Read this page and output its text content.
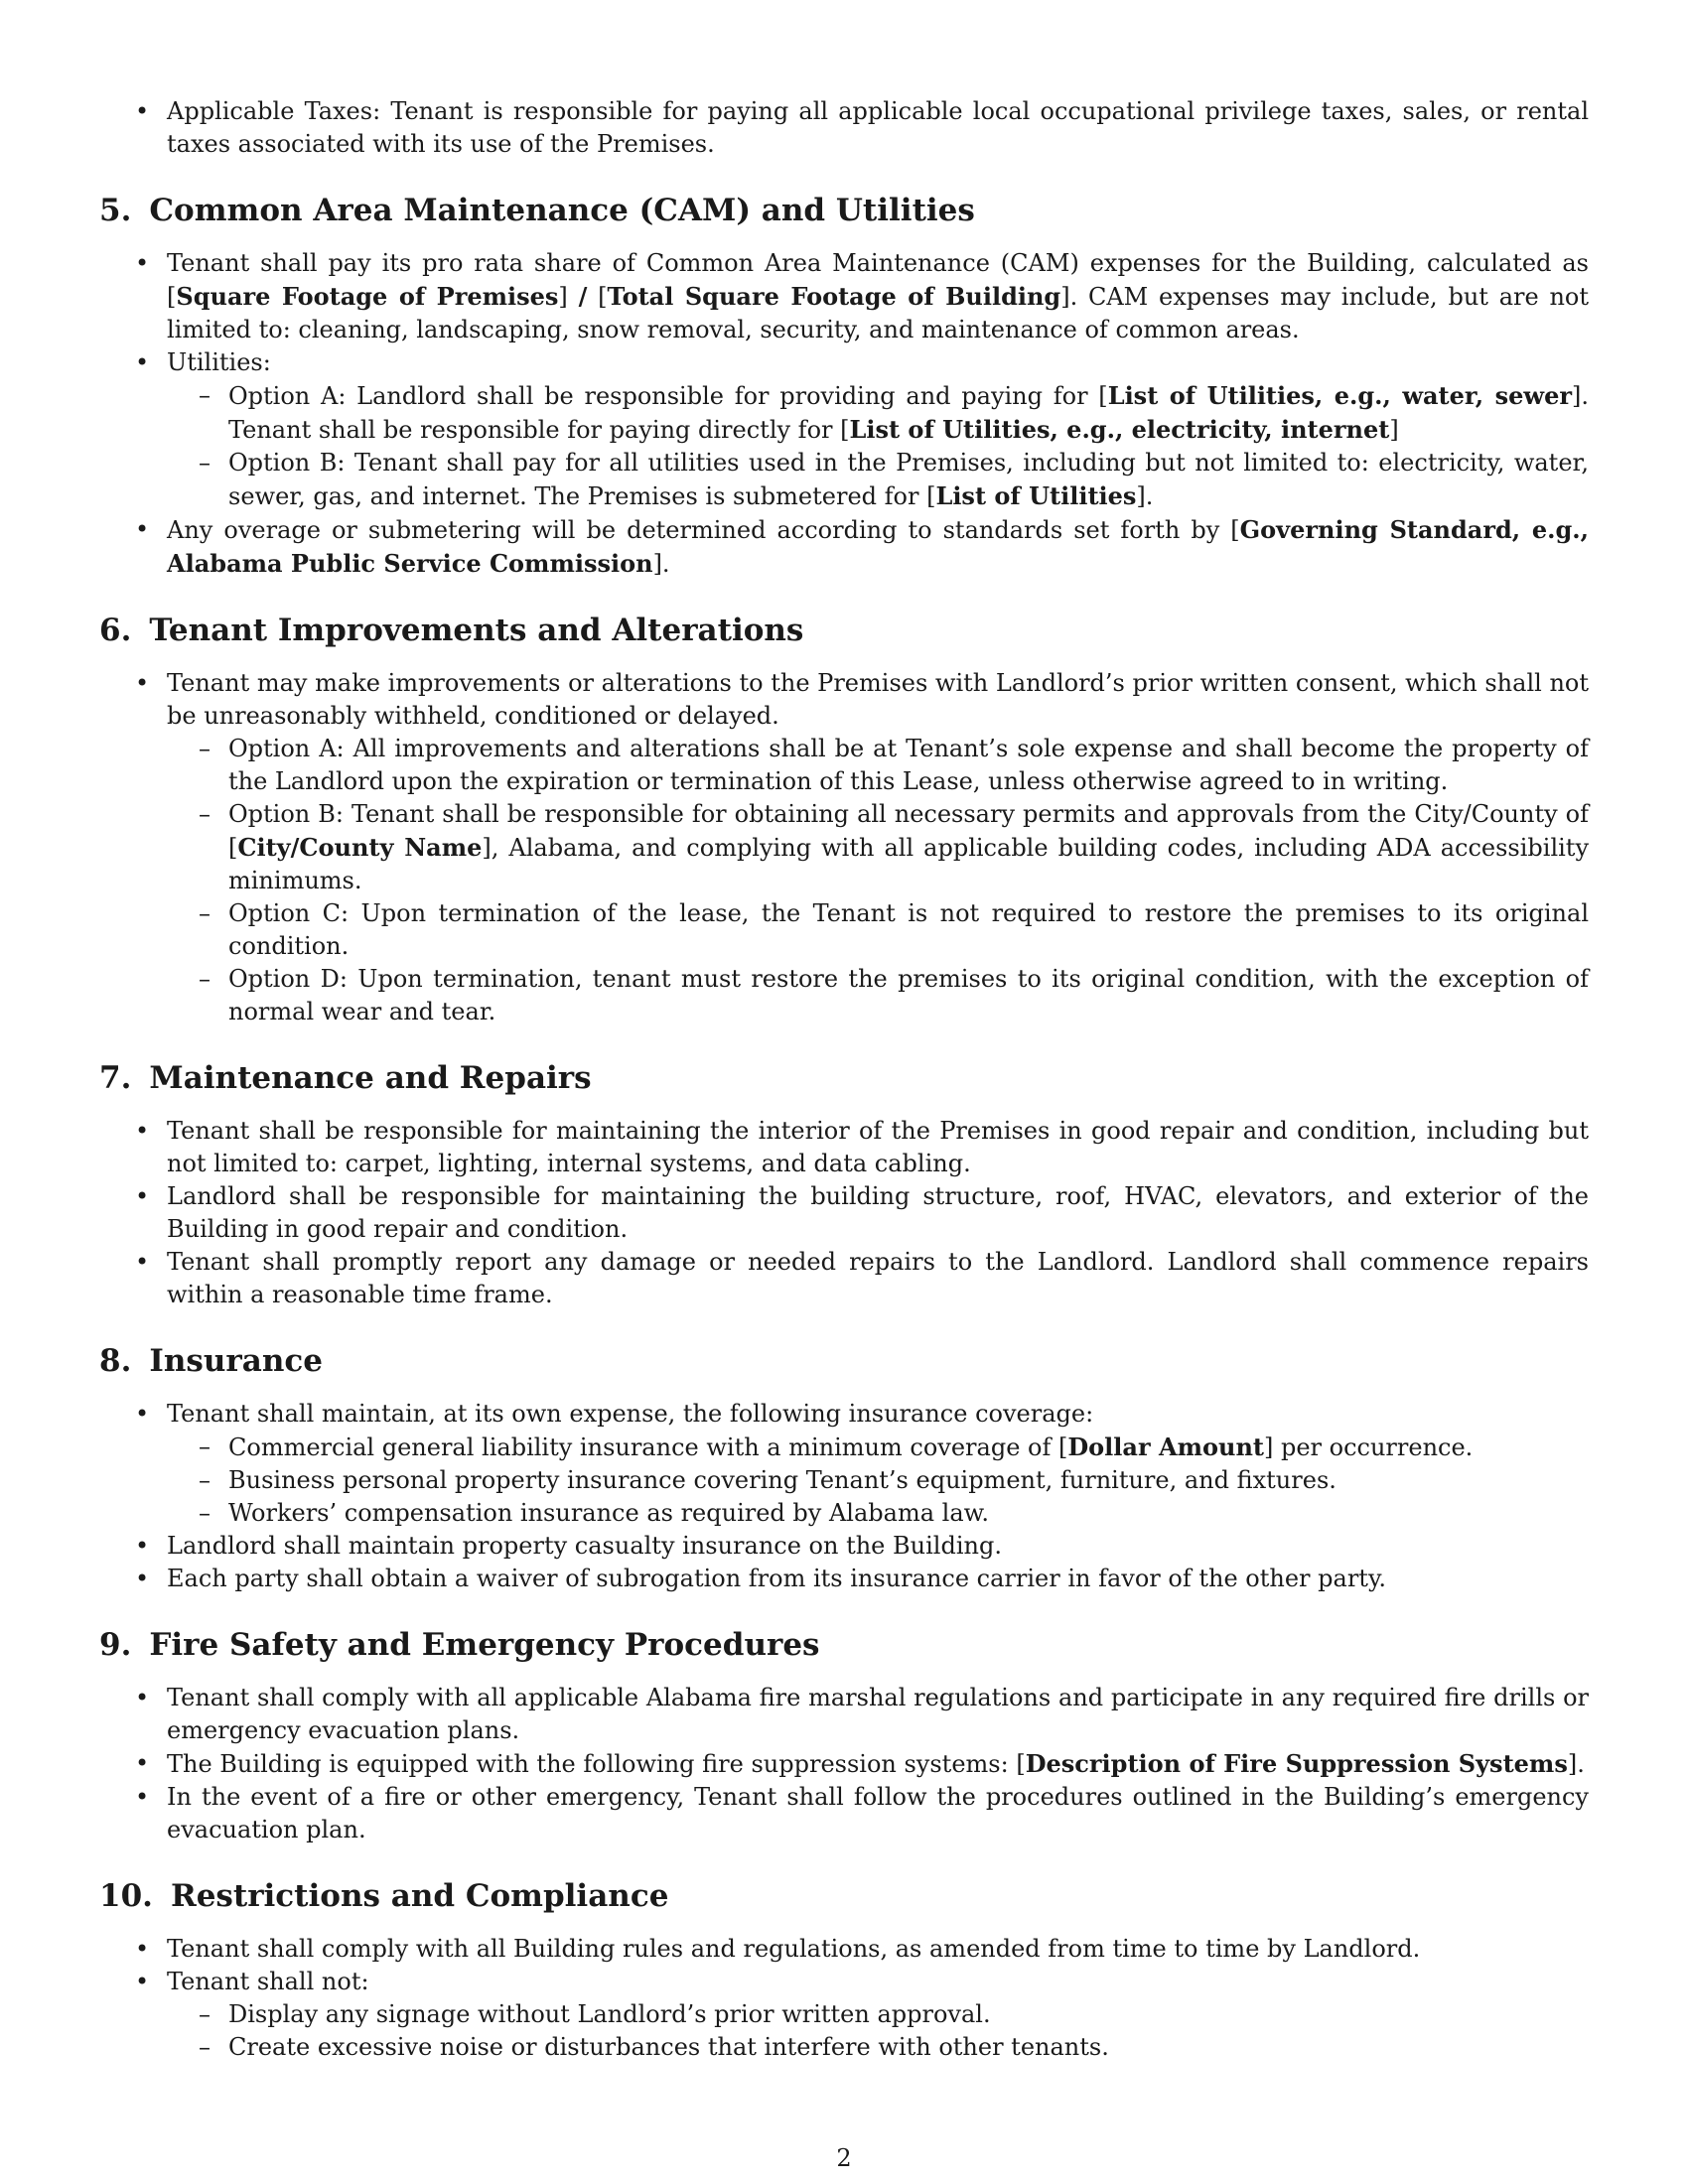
• Applicable Taxes: Tenant is responsible for paying all applicable local occupational privilege taxes, sales, or rental taxes associated with its use of the Premises.
5. Common Area Maintenance (CAM) and Utilities
• Tenant shall pay its pro rata share of Common Area Maintenance (CAM) expenses for the Building, calculated as [Square Footage of Premises] / [Total Square Footage of Building]. CAM expenses may include, but are not limited to: cleaning, landscaping, snow removal, security, and maintenance of common areas.
• Utilities:
– Option A: Landlord shall be responsible for providing and paying for [List of Utilities, e.g., water, sewer]. Tenant shall be responsible for paying directly for [List of Utilities, e.g., electricity, internet]
– Option B: Tenant shall pay for all utilities used in the Premises, including but not limited to: electricity, water, sewer, gas, and internet. The Premises is submetered for [List of Utilities].
• Any overage or submetering will be determined according to standards set forth by [Governing Standard, e.g., Alabama Public Service Commission].
6. Tenant Improvements and Alterations
• Tenant may make improvements or alterations to the Premises with Landlord’s prior written consent, which shall not be unreasonably withheld, conditioned or delayed.
– Option A: All improvements and alterations shall be at Tenant’s sole expense and shall become the property of the Landlord upon the expiration or termination of this Lease, unless otherwise agreed to in writing.
– Option B: Tenant shall be responsible for obtaining all necessary permits and approvals from the City/County of [City/County Name], Alabama, and complying with all applicable building codes, including ADA accessibility minimums.
– Option C: Upon termination of the lease, the Tenant is not required to restore the premises to its original condition.
– Option D: Upon termination, tenant must restore the premises to its original condition, with the exception of normal wear and tear.
7. Maintenance and Repairs
• Tenant shall be responsible for maintaining the interior of the Premises in good repair and condition, including but not limited to: carpet, lighting, internal systems, and data cabling.
• Landlord shall be responsible for maintaining the building structure, roof, HVAC, elevators, and exterior of the Building in good repair and condition.
• Tenant shall promptly report any damage or needed repairs to the Landlord. Landlord shall commence repairs within a reasonable time frame.
8. Insurance
• Tenant shall maintain, at its own expense, the following insurance coverage:
– Commercial general liability insurance with a minimum coverage of [Dollar Amount] per occurrence.
– Business personal property insurance covering Tenant’s equipment, furniture, and fixtures.
– Workers’ compensation insurance as required by Alabama law.
• Landlord shall maintain property casualty insurance on the Building.
• Each party shall obtain a waiver of subrogation from its insurance carrier in favor of the other party.
9. Fire Safety and Emergency Procedures
• Tenant shall comply with all applicable Alabama fire marshal regulations and participate in any required fire drills or emergency evacuation plans.
• The Building is equipped with the following fire suppression systems: [Description of Fire Suppression Systems].
• In the event of a fire or other emergency, Tenant shall follow the procedures outlined in the Building’s emergency evacuation plan.
10. Restrictions and Compliance
• Tenant shall comply with all Building rules and regulations, as amended from time to time by Landlord.
• Tenant shall not:
– Display any signage without Landlord’s prior written approval.
– Create excessive noise or disturbances that interfere with other tenants.
2
